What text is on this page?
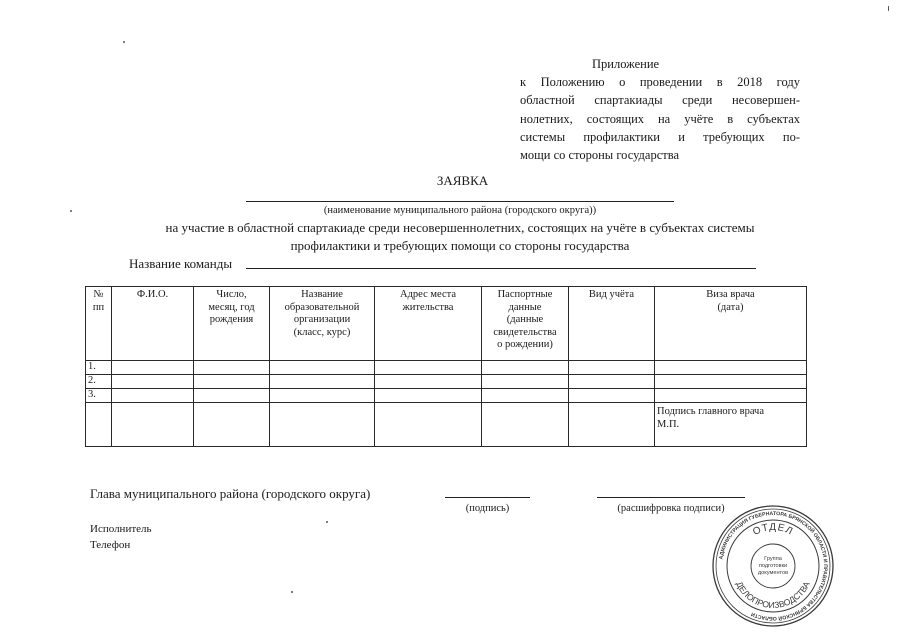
Приложение
к Положению о проведении в 2018 году
областной спартакиады среди несовершен-
нолетних, состоящих на учёте в субъектах
системы профилактики и требующих по-
мощи со стороны государства
ЗАЯВКА
(наименование муниципального района (городского округа))
на участие в областной спартакиаде среди несовершеннолетних, состоящих на учёте в субъектах системы
профилактики и требующих помощи со стороны государства
Название команды
№
пп	Ф.И.О.	Число,
месяц, год
рождения	Название
образовательной
организации
(класс, курс)	Адрес места
жительства	Паспортные
данные
(данные
свидетельства
о рождении)	Вид учёта	Виза врача
(дата)

1.							
2.							
3.							

							Подпись главного врача
М.П.
Глава муниципального района (городского округа)
(подпись)	(расшифровка подписи)
Исполнитель
Телефон
АДМИНИСТРАЦИЯ ГУБЕРНАТОРА БРЯНСКОЙ ОБЛАСТИ И ПРАВИТЕЛЬСТВА БРЯНСКОЙ ОБЛАСТИ
ОТДЕЛ
ДЕЛОПРОИЗВОДСТВА
Группа
подготовки
документов
